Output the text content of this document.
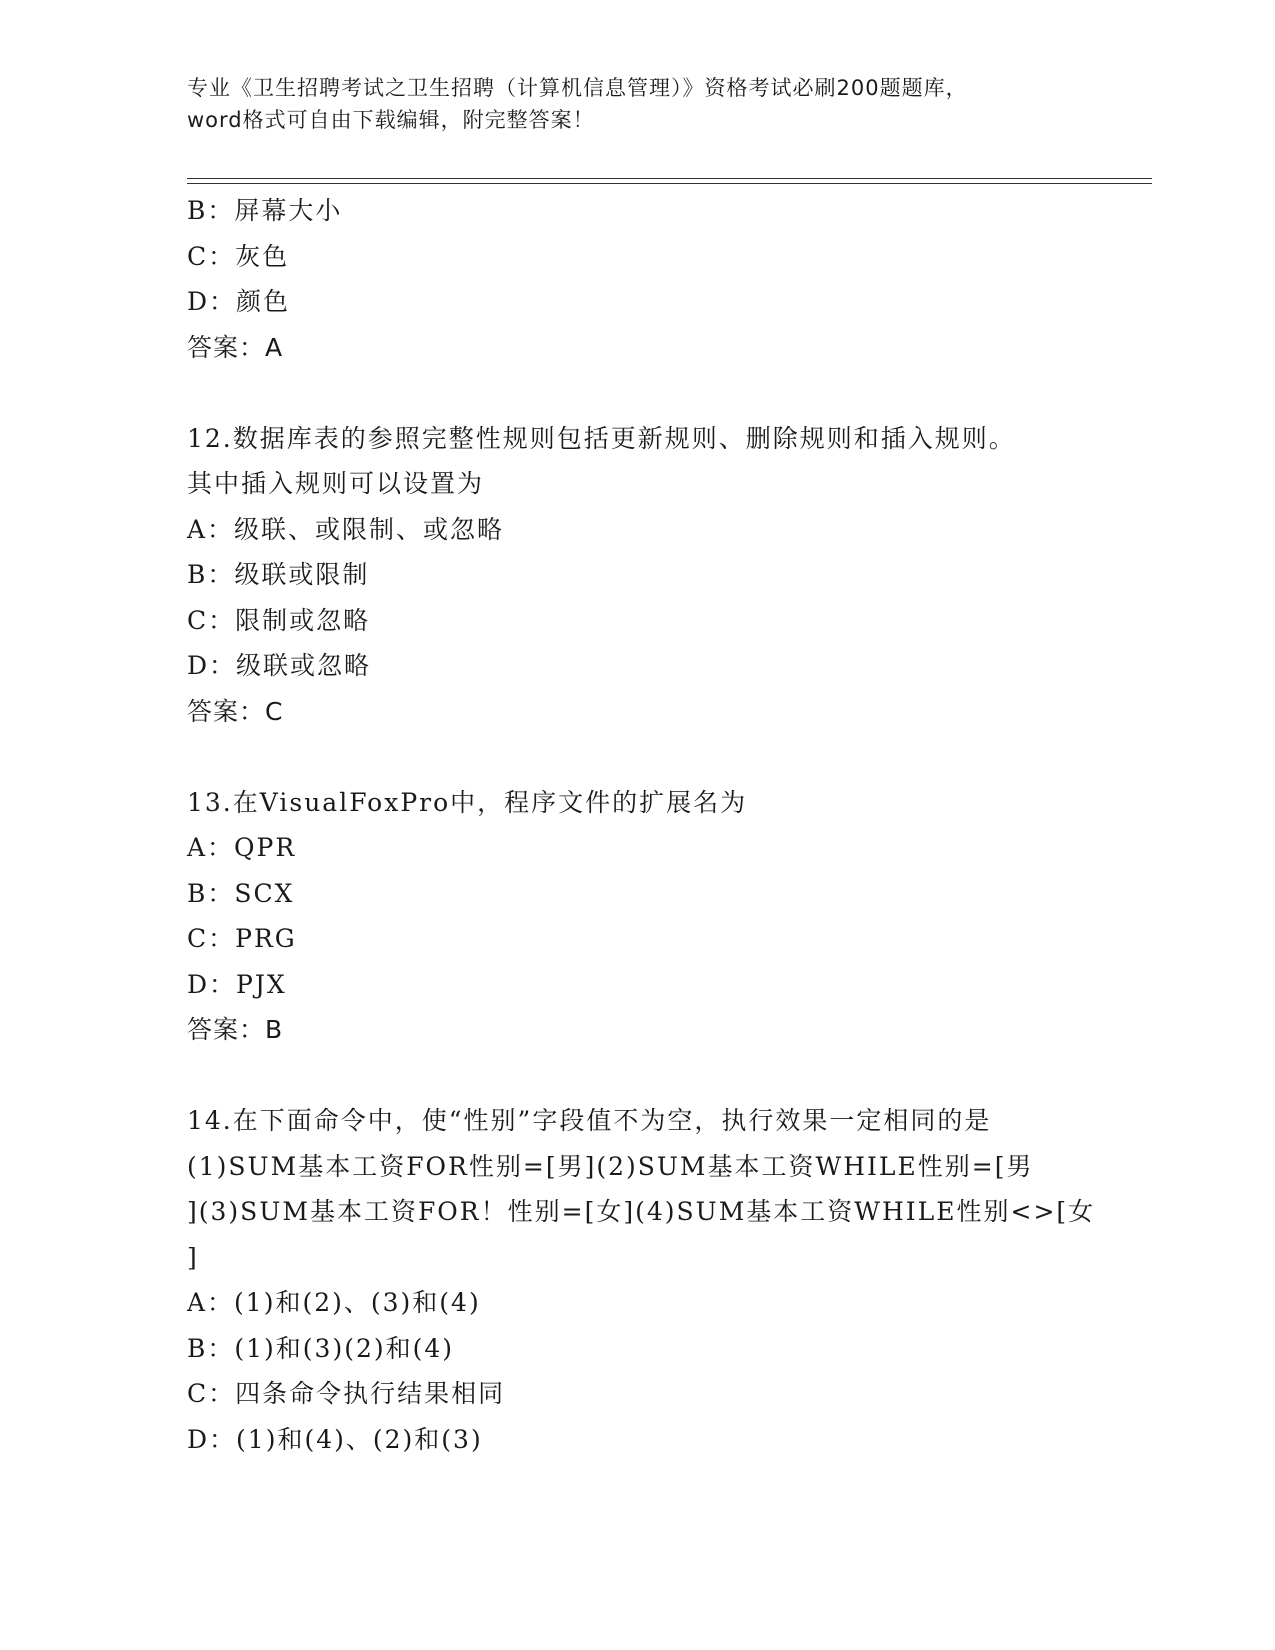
专业《卫生招聘考试之卫生招聘（计算机信息管理）》资格考试必刷200题题库，
word格式可自由下载编辑，附完整答案！
B：屏幕大小
C：灰色
D：颜色
答案：A
12.数据库表的参照完整性规则包括更新规则、删除规则和插入规则。
其中插入规则可以设置为
A：级联、或限制、或忽略
B：级联或限制
C：限制或忽略
D：级联或忽略
答案：C
13.在VisualFoxPro中，程序文件的扩展名为
A：QPR
B：SCX
C：PRG
D：PJX
答案：B
14.在下面命令中，使“性别”字段值不为空，执行效果一定相同的是
(1)SUM基本工资FOR性别=[男](2)SUM基本工资WHILE性别=[男
](3)SUM基本工资FOR！性别=[女](4)SUM基本工资WHILE性别<>[女
]
A：(1)和(2)、(3)和(4)
B：(1)和(3)(2)和(4)
C：四条命令执行结果相同
D：(1)和(4)、(2)和(3)
